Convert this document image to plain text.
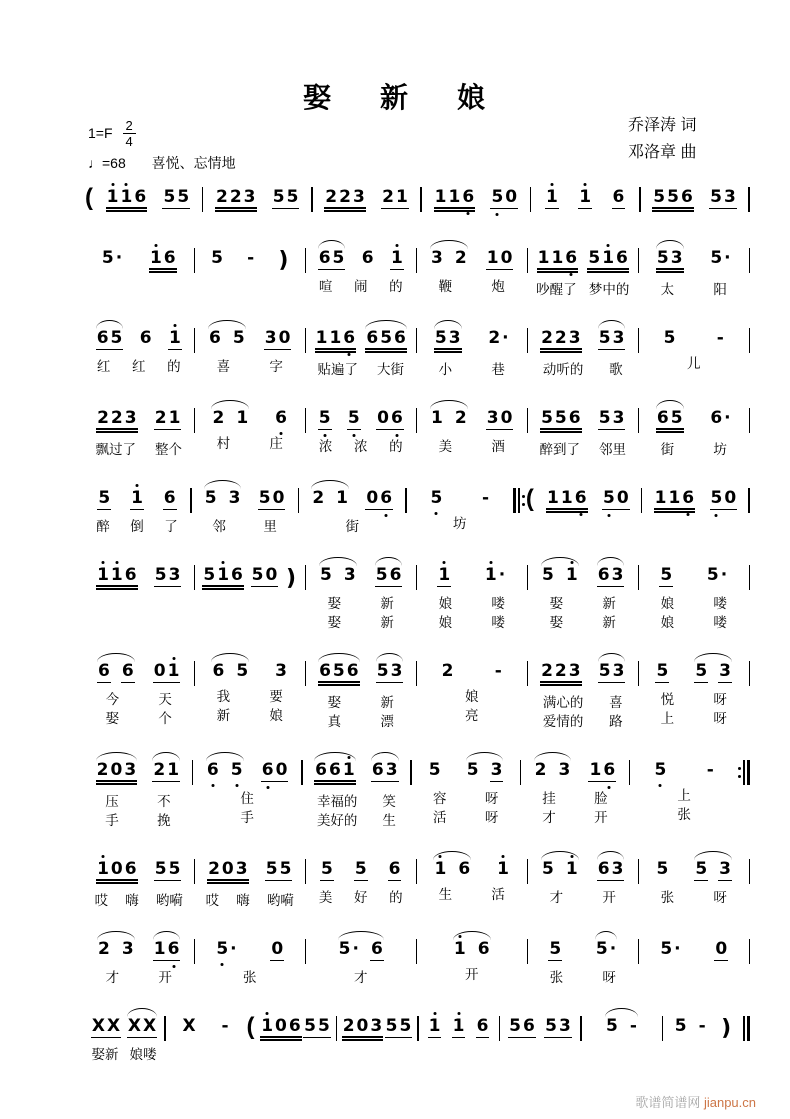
娶 新 娘
乔泽涛 词
邓洛章 曲
$1=F \frac{2}{4}$
♩=68 喜悦、忘情地
( 1 1 6 5 5 2 2 3 5 5 2 2 3 2 1 1 1 6 5 0 1 1 6 5 5 6 5 3
5 · 1 6 5 - ) 6 5 6 1
喧 闹 的
3 2 1 0
鞭	炮
1 1 6 5 1 6
吵醒了 梦中的
5 3 5 ·
太	阳
6 5 6 1
红 红 的
6 5 3 0
喜	字
1 1 6 6 5 6
贴遍了 大街
5 3 2 ·
小	巷
2 2 3 5 3
动听的 歌
5 -
儿
2 2 3 2 1
飘过了 整个
2 1 6
村	庄
5 5 0 6
浓 浓 的
1 2 3 0
美	酒
5 5 6 5 3
醉到了 邻里
6 5 6 ·
街	坊
5 1 6
醉 倒 了
5 3 5 0
邻	里
2 1 0 6
街
5 -
坊
( 1 1 6 5 0 1 1 6 5 0
1 1 6 5 3 5 1 6 5 0 ) 5 3 5 6
娶	新
娶	新
1 1 ·
娘	喽
娘	喽
5 1 6 3
娶	新
娶	新
5 5 ·
娘	喽
娘	喽
6 6 0 1
今	天
娶	个
6 5 3
我	要
新	娘
6 5 6 5 3
娶	新
真	漂
2 -
娘
亮
2 2 3 5 3
满心的 喜
爱情的 路
5 5 3
悦	呀
上	呀
2 0 3 2 1
压	不
手	挽
6 5 6 0
住
手
6 6 1 6 3
幸福的 笑
美好的 生
5 5 3
容	呀
活	呀
2 3 1 6
挂	脸
才	开
5 -
上
张
1 0 6 5 5
哎 嗨 哟嗬
2 0 3 5 5
哎 嗨 哟嗬
5 5 6
美 好 的
1 6 1
生	活
5 1 6 3
才	开
5 5 3
张	呀
2 3 1 6
才	开
5 · 0
张
5 · 6
才
1 6
开
5 5 ·
张	呀
5 · 0
X X X X
娶新 娘喽
X - ( 1 0 6 5 5 2 0 3 5 5 1 1 6 5 6 5 3 5 - 5 - )
歌谱简谱网 jianpu.cn
